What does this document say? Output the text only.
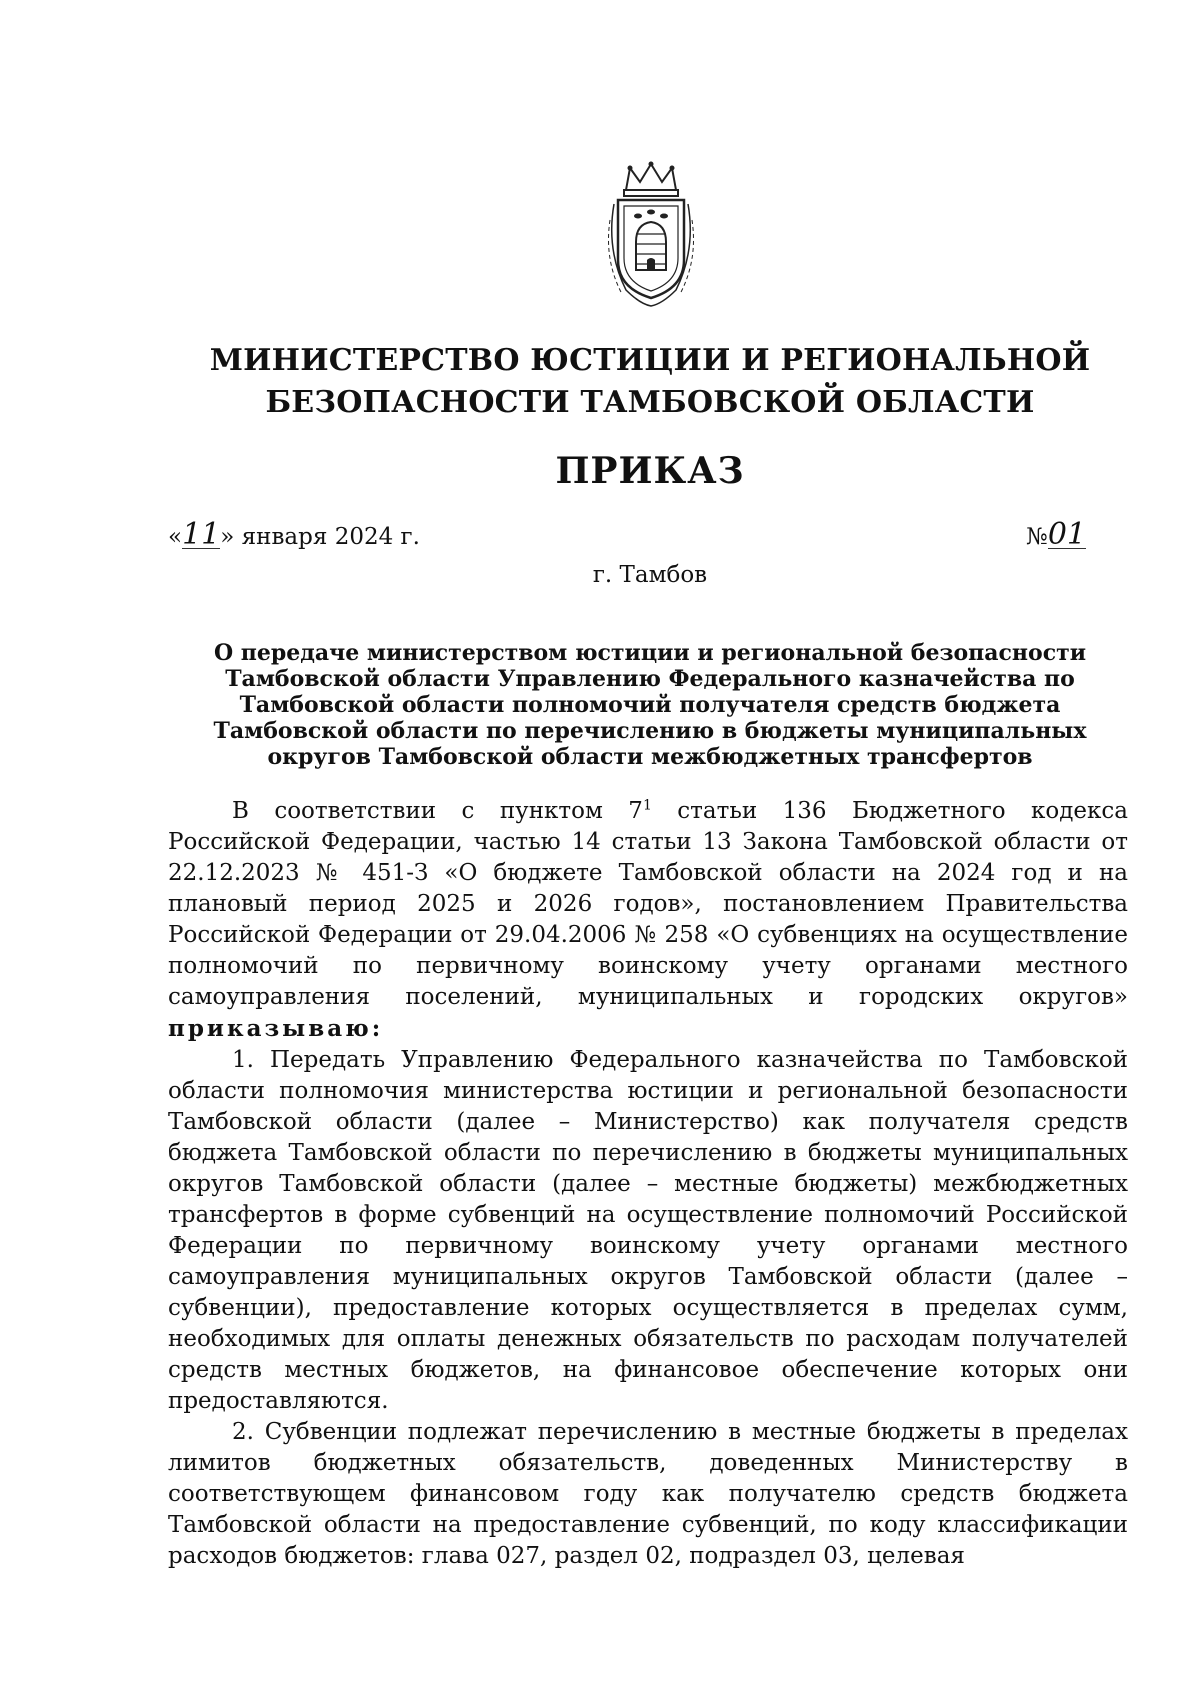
МИНИСТЕРСТВО ЮСТИЦИИ И РЕГИОНАЛЬНОЙ
БЕЗОПАСНОСТИ ТАМБОВСКОЙ ОБЛАСТИ
ПРИКАЗ
«11» января 2024 г.	№01
г. Тамбов
О передаче министерством юстиции и региональной безопасности
Тамбовской области Управлению Федерального казначейства по
Тамбовской области полномочий получателя средств бюджета
Тамбовской области по перечислению в бюджеты муниципальных
округов Тамбовской области межбюджетных трансфертов

В соответствии с пунктом $7^1$ статьи 136 Бюджетного кодекса Российской Федерации, частью 14 статьи 13 Закона Тамбовской области от 22.12.2023 № 451-З «О бюджете Тамбовской области на 2024 год и на плановый период 2025 и 2026 годов», постановлением Правительства Российской Федерации от 29.04.2006 № 258 «О субвенциях на осуществление полномочий по первичному воинскому учету органами местного самоуправления поселений, муниципальных и городских округов» приказываю:

1. Передать Управлению Федерального казначейства по Тамбовской области полномочия министерства юстиции и региональной безопасности Тамбовской области (далее – Министерство) как получателя средств бюджета Тамбовской области по перечислению в бюджеты муниципальных округов Тамбовской области (далее – местные бюджеты) межбюджетных трансфертов в форме субвенций на осуществление полномочий Российской Федерации по первичному воинскому учету органами местного самоуправления муниципальных округов Тамбовской области (далее – субвенции), предоставление которых осуществляется в пределах сумм, необходимых для оплаты денежных обязательств по расходам получателей средств местных бюджетов, на финансовое обеспечение которых они предоставляются.

2. Субвенции подлежат перечислению в местные бюджеты в пределах лимитов бюджетных обязательств, доведенных Министерству в соответствующем финансовом году как получателю средств бюджета Тамбовской области на предоставление субвенций, по коду классификации расходов бюджетов: глава 027, раздел 02, подраздел 03, целевая
